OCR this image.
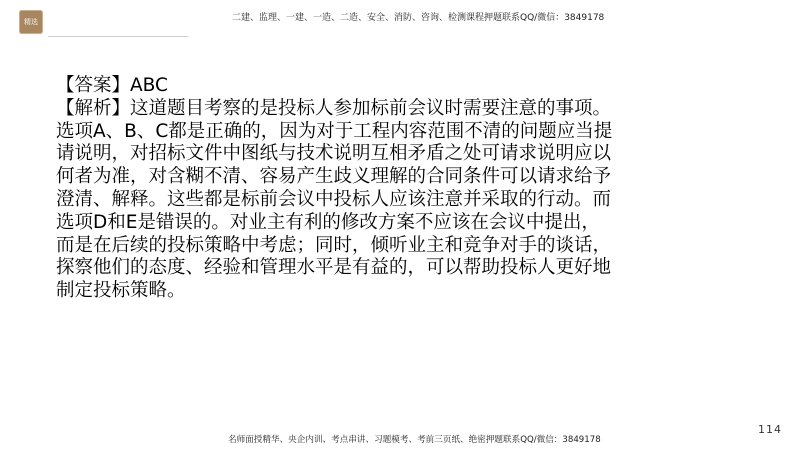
精选	二建、监理、一建、一造、二造、安全、消防、咨询、检测课程押题联系QQ/微信：3849178

【答案】ABC

【解析】这道题目考察的是投标人参加标前会议时需要注意的事项。选项A、B、C都是正确的，因为对于工程内容范围不清的问题应当提请说明，对招标文件中图纸与技术说明互相矛盾之处可请求说明应以何者为准，对含糊不清、容易产生歧义理解的合同条件可以请求给予澄清、解释。这些都是标前会议中投标人应该注意并采取的行动。而选项D和E是错误的。对业主有利的修改方案不应该在会议中提出，而是在后续的投标策略中考虑；同时，倾听业主和竞争对手的谈话，探察他们的态度、经验和管理水平是有益的，可以帮助投标人更好地制定投标策略。

114
名师面授精华、央企内训、考点串讲、习题模考、考前三页纸、绝密押题联系QQ/微信：3849178
